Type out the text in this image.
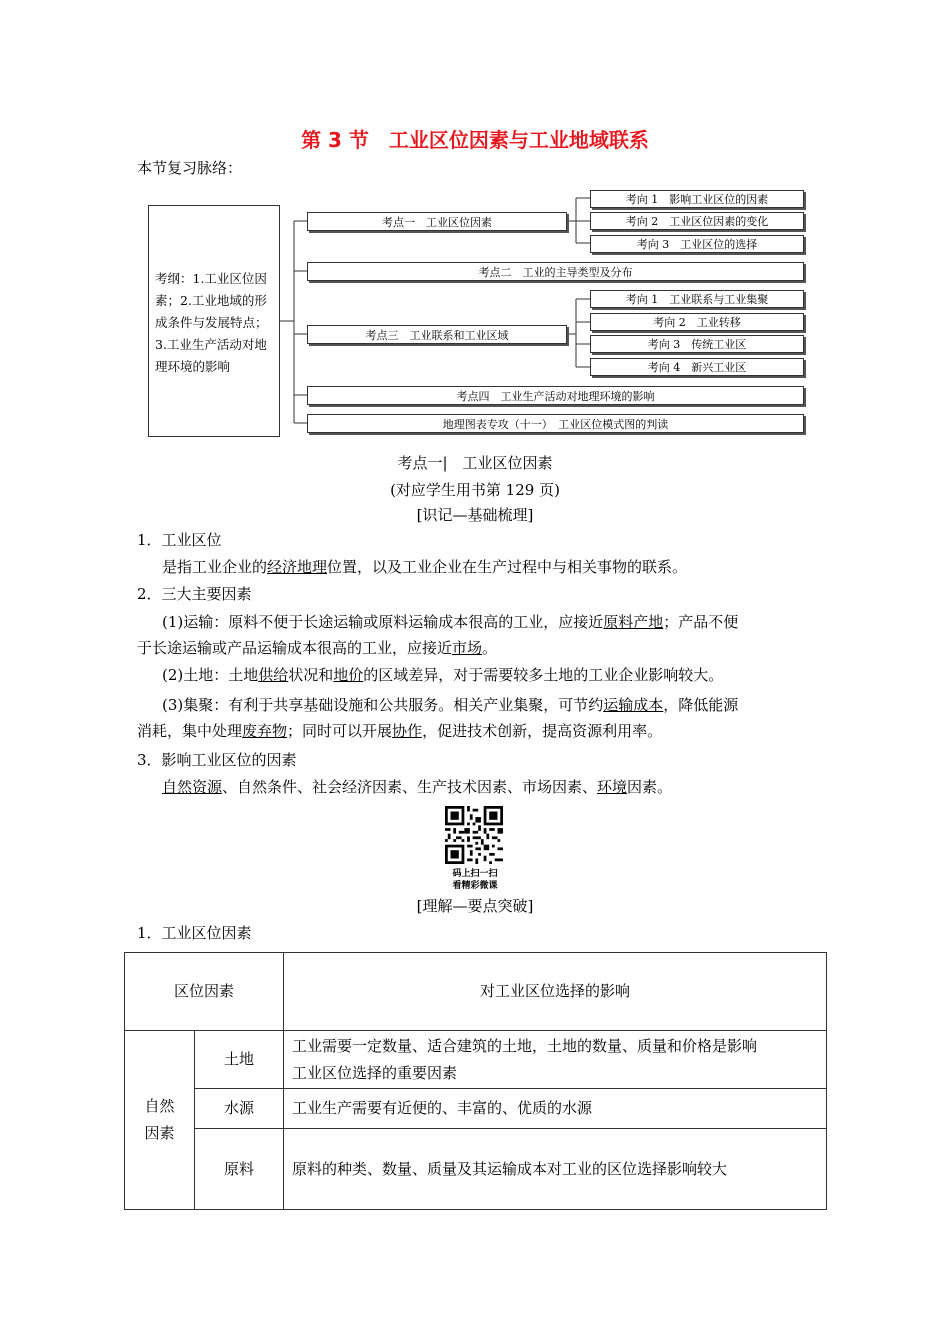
第 3 节　工业区位因素与工业地域联系
本节复习脉络：
考纲：1.工业区位因素；2.工业地域的形成条件与发展特点；3.工业生产活动对地理环境的影响
考点一　工业区位因素
考向 1　影响工业区位的因素
考向 2　工业区位因素的变化
考向 3　工业区位的选择
考点二　工业的主导类型及分布
考点三　工业联系和工业区域
考向 1　工业联系与工业集聚
考向 2　工业转移
考向 3　传统工业区
考向 4　新兴工业区
考点四　工业生产活动对地理环境的影响
地理图表专攻（十一）　工业区位模式图的判读
考点一|　工业区位因素
(对应学生用书第 129 页)
[识记—基础梳理]
1．工业区位
是指工业企业的经济地理位置，以及工业企业在生产过程中与相关事物的联系。
2．三大主要因素
(1)运输：原料不便于长途运输或原料运输成本很高的工业，应接近原料产地；产品不便
于长途运输或产品运输成本很高的工业，应接近市场。
(2)土地：土地供给状况和地价的区域差异，对于需要较多土地的工业企业影响较大。
(3)集聚：有利于共享基础设施和公共服务。相关产业集聚，可节约运输成本，降低能源
消耗，集中处理废弃物；同时可以开展协作，促进技术创新，提高资源利用率。
3．影响工业区位的因素
自然资源、自然条件、社会经济因素、生产技术因素、市场因素、环境因素。
码上扫一扫
看精彩微课
[理解—要点突破]
1．工业区位因素
区位因素		对工业区位选择的影响
自然因素	土地	工业需要一定数量、适合建筑的土地，土地的数量、质量和价格是影响
工业区位选择的重要因素

	水源	工业生产需要有近便的、丰富的、优质的水源
	原料	原料的种类、数量、质量及其运输成本对工业的区位选择影响较大
